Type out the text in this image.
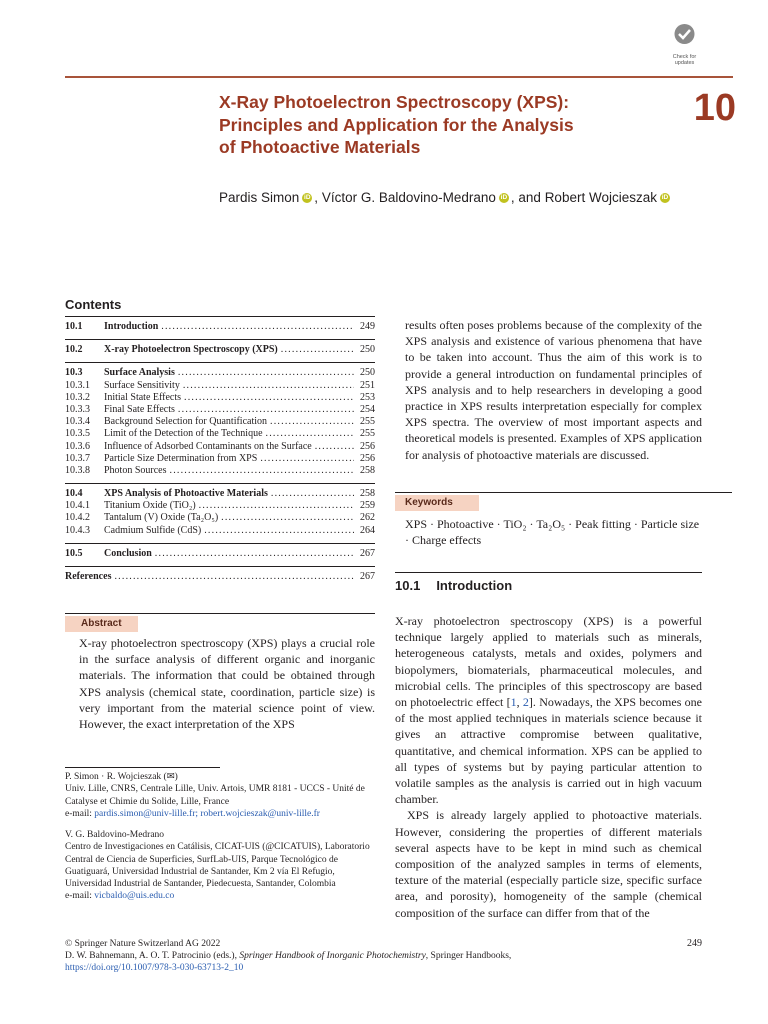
Check for
updates
X-Ray Photoelectron Spectroscopy (XPS):
Principles and Application for the Analysis
of Photoactive Materials
10
Pardis Simon iD , Víctor G. Baldovino-Medrano iD , and Robert Wojcieszak iD
Contents
10.1	Introduction .....	249
10.2	X-ray Photoelectron Spectroscopy (XPS) .....	250
10.3	Surface Analysis .....	250
10.3.1	Surface Sensitivity .....	251
10.3.2	Initial State Effects .....	253
10.3.3	Final Sate Effects .....	254
10.3.4	Background Selection for Quantification .....	255
10.3.5	Limit of the Detection of the Technique .....	255
10.3.6	Influence of Adsorbed Contaminants on the Surface .....	256
10.3.7	Particle Size Determination from XPS .....	256
10.3.8	Photon Sources .....	258
10.4	XPS Analysis of Photoactive Materials .....	258
10.4.1	Titanium Oxide (TiO₂) .....	259
10.4.2	Tantalum (V) Oxide (Ta₂O₅) .....	262
10.4.3	Cadmium Sulfide (CdS) .....	264
10.5	Conclusion .....	267
References .....	267
Abstract
X-ray photoelectron spectroscopy (XPS) plays a crucial role in the surface analysis of different organic and inorganic materials. The information that could be obtained through XPS analysis (chemical state, coordination, particle size) is very important from the material science point of view. However, the exact interpretation of the XPS
P. Simon · R. Wojcieszak (✉)
Univ. Lille, CNRS, Centrale Lille, Univ. Artois, UMR 8181 - UCCS - Unité de Catalyse et Chimie du Solide, Lille, France
e-mail: pardis.simon@univ-lille.fr; robert.wojcieszak@univ-lille.fr
V. G. Baldovino-Medrano
Centro de Investigaciones en Catálisis, CICAT-UIS (@CICATUIS), Laboratorio Central de Ciencia de Superficies, SurfLab-UIS, Parque Tecnológico de Guatiguará, Universidad Industrial de Santander, Km 2 vía El Refugio, Universidad Industrial de Santander, Piedecuesta, Santander, Colombia
e-mail: vicbaldo@uis.edu.co
results often poses problems because of the complexity of the XPS analysis and existence of various phenomena that have to be taken into account. Thus the aim of this work is to provide a general introduction on fundamental principles of XPS analysis and to help researchers in developing a good practice in XPS results interpretation especially for complex XPS spectra. The overview of most important aspects and theoretical models is presented. Examples of XPS application for analysis of photoactive materials are discussed.
Keywords
XPS · Photoactive · TiO₂ · Ta₂O₅ · Peak fitting · Particle size · Charge effects
10.1 Introduction

X-ray photoelectron spectroscopy (XPS) is a powerful technique largely applied to materials such as minerals, heterogeneous catalysts, metals and oxides, polymers and biopolymers, biomaterials, pharmaceutical molecules, and microbial cells. The principles of this spectroscopy are based on photoelectric effect [1, 2]. Nowadays, the XPS becomes one of the most applied techniques in materials science because it gives an attractive compromise between qualitative, quantitative, and chemical information. XPS can be applied to all types of systems but by paying particular attention to volatile samples as the analysis is carried out in high vacuum chamber.

XPS is already largely applied to photoactive materials. However, considering the properties of different materials several aspects have to be kept in mind such as chemical composition of the analyzed samples in terms of elements, texture of the material (especially particle size, specific surface area, and porosity), homogeneity of the sample (chemical composition of the surface can differ from that of the

© Springer Nature Switzerland AG 2022
D. W. Bahnemann, A. O. T. Patrocinio (eds.), Springer Handbook of Inorganic Photochemistry, Springer Handbooks,
https://doi.org/10.1007/978-3-030-63713-2_10
249
